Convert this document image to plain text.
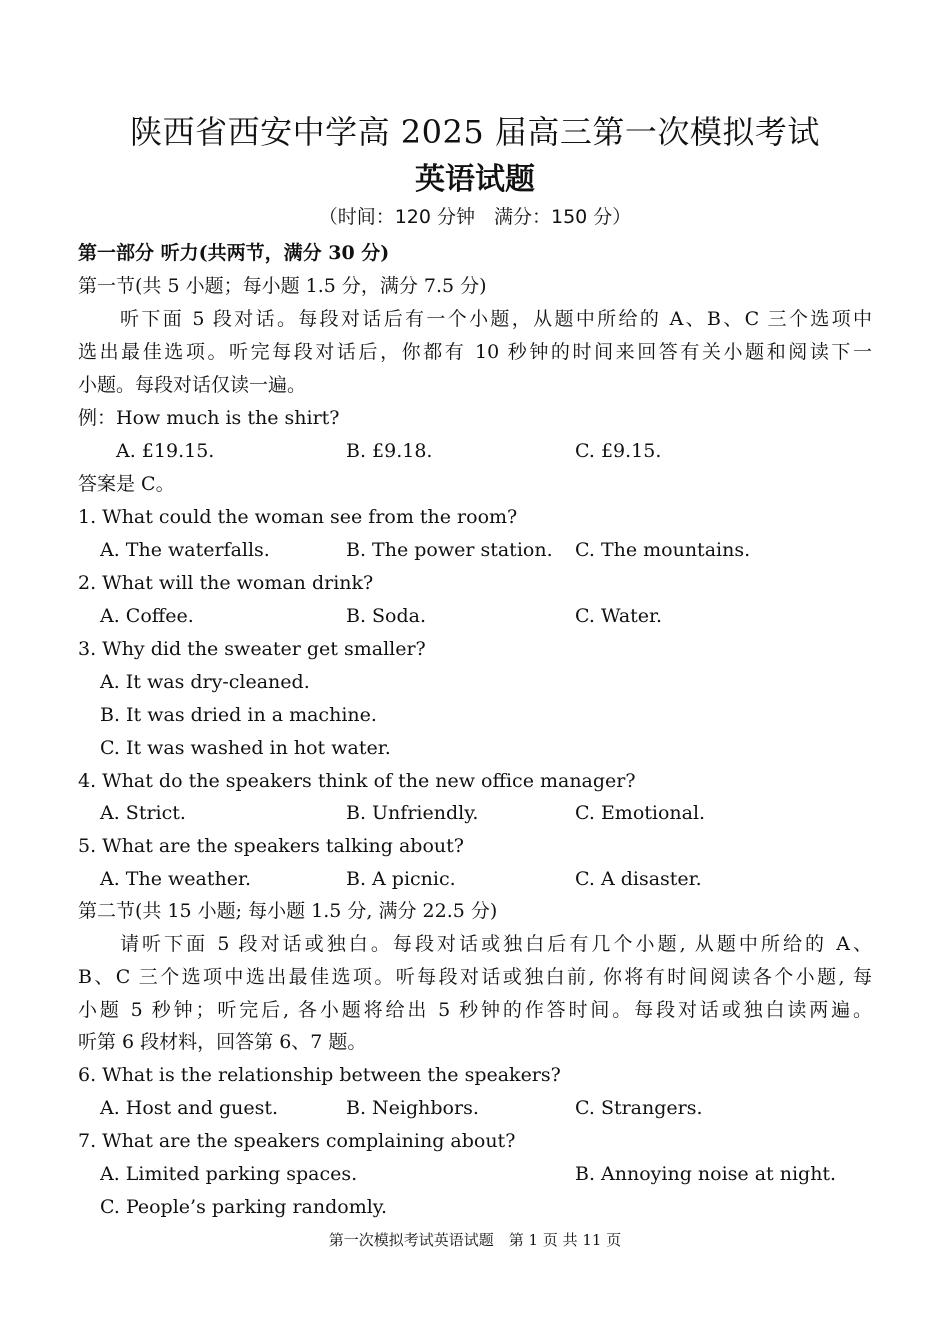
陕西省西安中学高 2025 届高三第一次模拟考试
英语试题
（时间：120 分钟　满分：150 分）
第一部分 听力(共两节，满分 30 分)
第一节(共 5 小题；每小题 1.5 分，满分 7.5 分)
听下面 5 段对话。每段对话后有一个小题，从题中所给的 A、B、C 三个选项中
选出最佳选项。听完每段对话后，你都有 10 秒钟的时间来回答有关小题和阅读下一
小题。每段对话仅读一遍。
例：How much is the shirt?
A. £19.15.	B. £9.18.	C. £9.15.
答案是 C。
1. What could the woman see from the room?
A. The waterfalls.	B. The power station. C. The mountains.
2. What will the woman drink?
A. Coffee.	B. Soda.	C. Water.
3. Why did the sweater get smaller?
A. It was dry-cleaned.
B. It was dried in a machine.
C. It was washed in hot water.
4. What do the speakers think of the new office manager?
A. Strict.	B. Unfriendly.	C. Emotional.
5. What are the speakers talking about?
A. The weather.	B. A picnic.	C. A disaster.
第二节(共 15 小题; 每小题 1.5 分, 满分 22.5 分)
请听下面 5 段对话或独白。每段对话或独白后有几个小题, 从题中所给的 A、
B、C 三个选项中选出最佳选项。听每段对话或独白前, 你将有时间阅读各个小题, 每
小题 5 秒钟；听完后, 各小题将给出 5 秒钟的作答时间。每段对话或独白读两遍。
听第 6 段材料，回答第 6、7 题。
6. What is the relationship between the speakers?
A. Host and guest.	B. Neighbors.	C. Strangers.
7. What are the speakers complaining about?
A. Limited parking spaces.	B. Annoying noise at night.
C. People’s parking randomly.
第一次模拟考试英语试题　第 1 页 共 11 页
